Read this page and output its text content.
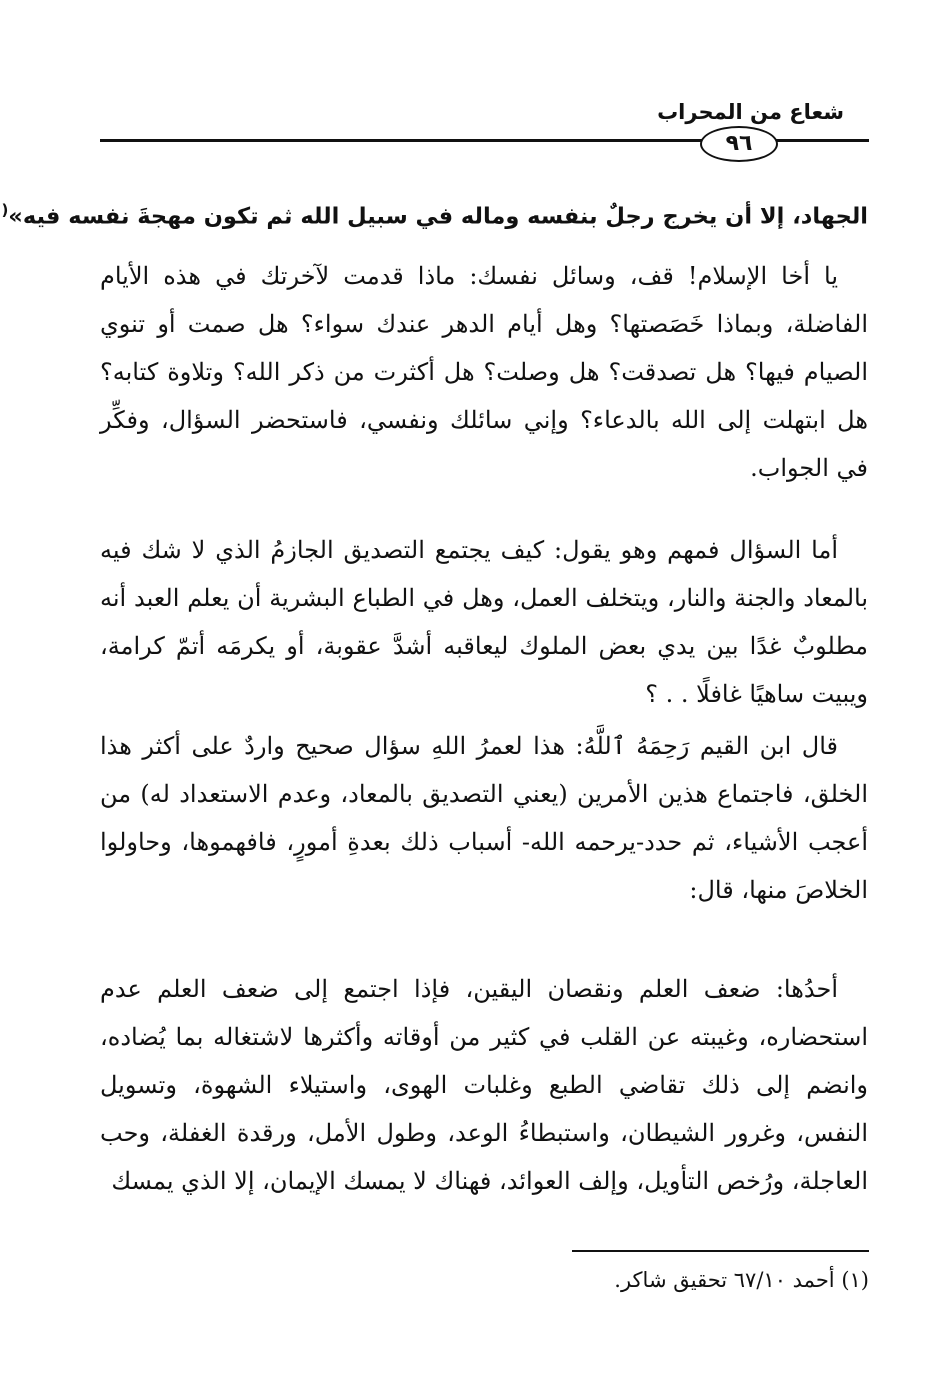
شعاع من المحراب
٩٦
الجهاد، إلا أن يخرج رجلٌ بنفسه وماله في سبيل الله ثم تكون مهجةَ نفسه فيه»(
يا أخا الإسلام! قف، وسائل نفسك: ماذا قدمت لآخرتك في هذه الأيام الفاضلة، وبماذا خَصَصتها؟ وهل أيام الدهر عندك سواء؟ هل صمت أو تنوي الصيام فيها؟ هل تصدقت؟ هل وصلت؟ هل أكثرت من ذكر الله؟ وتلاوة كتابه؟ هل ابتهلت إلى الله بالدعاء؟ وإني سائلك ونفسي، فاستحضر السؤال، وفكِّر في الجواب.
أما السؤال فمهم وهو يقول: كيف يجتمع التصديق الجازمُ الذي لا شك فيه بالمعاد والجنة والنار، ويتخلف العمل، وهل في الطباع البشرية أن يعلم العبد أنه مطلوبٌ غدًا بين يدي بعض الملوك ليعاقبه أشدَّ عقوبة، أو يكرمَه أتمّ كرامة، ويبيت ساهيًا غافلًا . . ؟
قال ابن القيم رَحِمَهُ ٱللَّهُ: هذا لعمرُ اللهِ سؤال صحيح واردٌ على أكثر هذا الخلق، فاجتماع هذين الأمرين (يعني التصديق بالمعاد، وعدم الاستعداد له) من أعجب الأشياء، ثم حدد-يرحمه الله- أسباب ذلك بعدةِ أمورٍ، فافهموها، وحاولوا الخلاصَ منها، قال:
أحدُها: ضعف العلم ونقصان اليقين، فإذا اجتمع إلى ضعف العلم عدم استحضاره، وغيبته عن القلب في كثير من أوقاته وأكثرها لاشتغاله بما يُضاده، وانضم إلى ذلك تقاضي الطبع وغلبات الهوى، واستيلاء الشهوة، وتسويل النفس، وغرور الشيطان، واستبطاءُ الوعد، وطول الأمل، ورقدة الغفلة، وحب العاجلة، ورُخص التأويل، وإلف العوائد، فهناك لا يمسك الإيمان، إلا الذي يمسك
(١) أحمد ٦٧/١٠ تحقيق شاكر.
